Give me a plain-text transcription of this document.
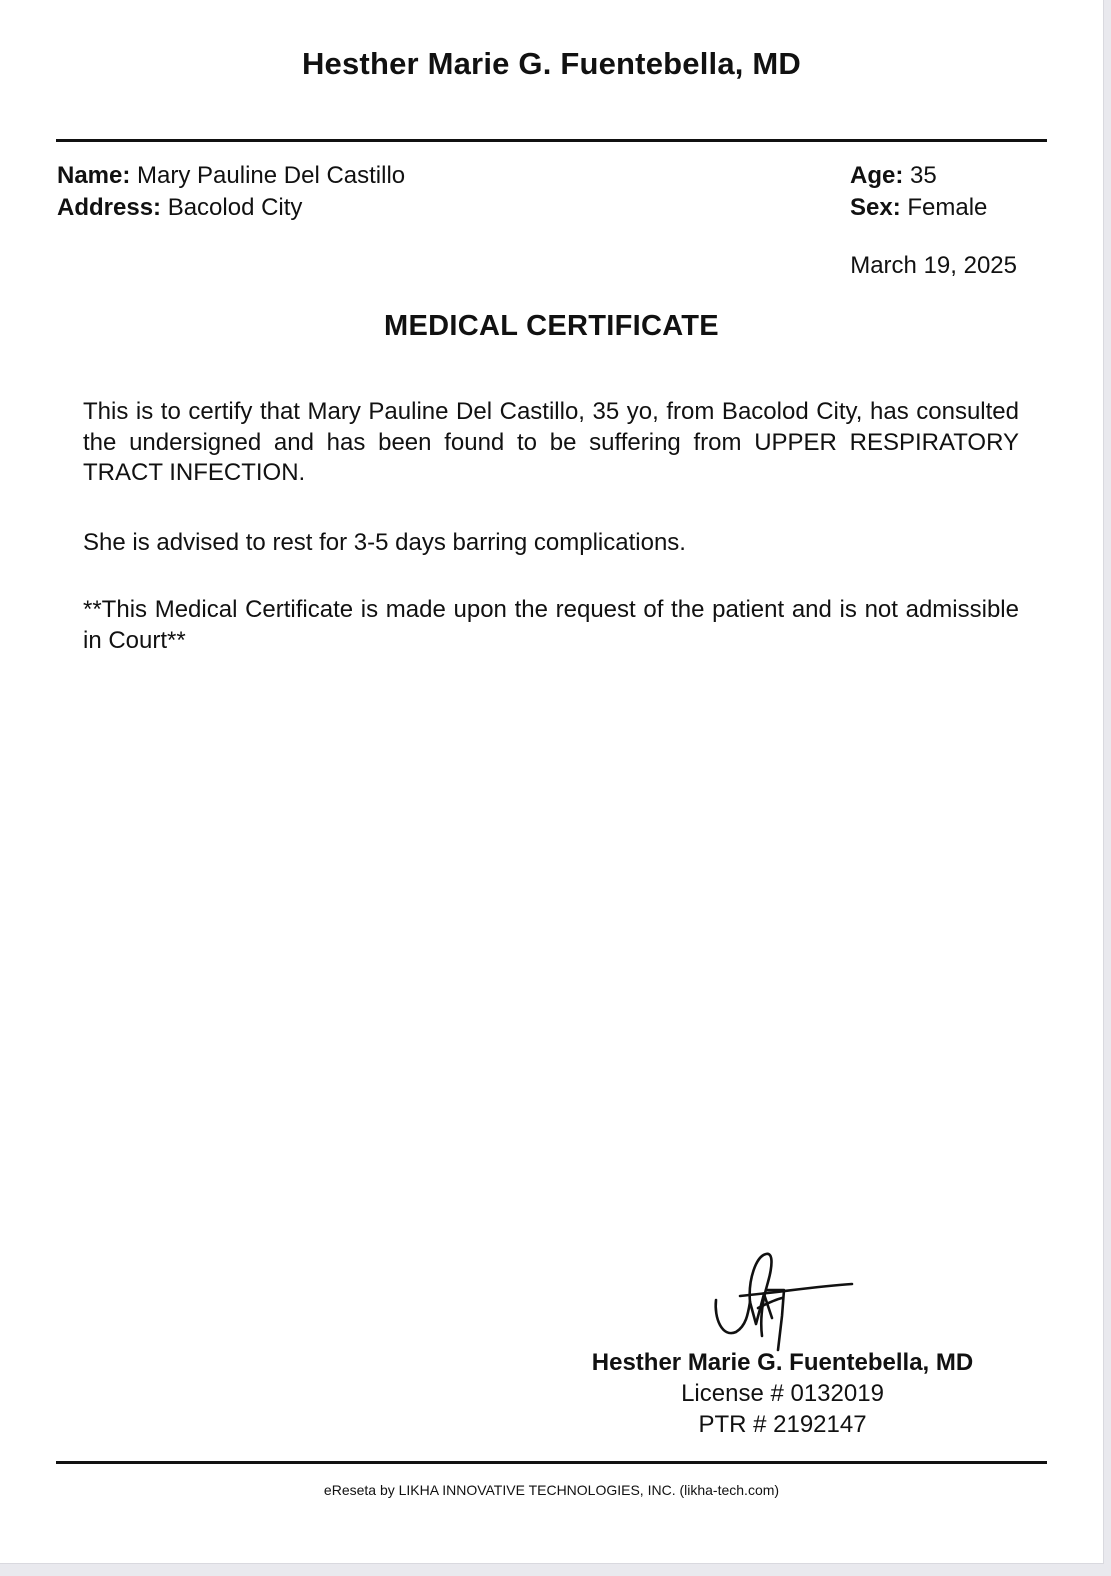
Hesther Marie G. Fuentebella, MD
Name: Mary Pauline Del Castillo
Address: Bacolod City
Age: 35
Sex: Female
March 19, 2025
MEDICAL CERTIFICATE
This is to certify that Mary Pauline Del Castillo, 35 yo, from Bacolod City, has consulted the undersigned and has been found to be suffering from UPPER RESPIRATORY TRACT INFECTION.
She is advised to rest for 3-5 days barring complications.
**This Medical Certificate is made upon the request of the patient and is not admissible in Court**
Hesther Marie G. Fuentebella, MD
License # 0132019
PTR # 2192147
eReseta by LIKHA INNOVATIVE TECHNOLOGIES, INC. (likha-tech.com)
